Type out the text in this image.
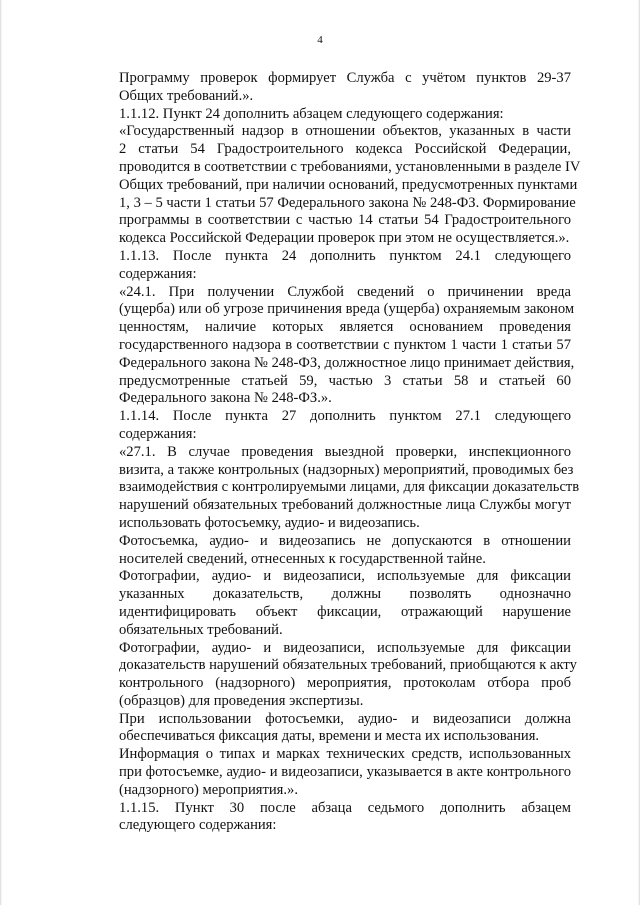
4
Программу проверок формирует Служба с учётом пунктов 29-37
Общих требований.».
1.1.12. Пункт 24 дополнить абзацем следующего содержания:
«Государственный надзор в отношении объектов, указанных в части
2 статьи 54 Градостроительного кодекса Российской Федерации,
проводится в соответствии с требованиями, установленными в разделе IV
Общих требований, при наличии оснований, предусмотренных пунктами
1, 3 – 5 части 1 статьи 57 Федерального закона № 248-ФЗ. Формирование
программы в соответствии с частью 14 статьи 54 Градостроительного
кодекса Российской Федерации проверок при этом не осуществляется.».
1.1.13. После пункта 24 дополнить пунктом 24.1 следующего
содержания:
«24.1. При получении Службой сведений о причинении вреда
(ущерба) или об угрозе причинения вреда (ущерба) охраняемым законом
ценностям, наличие которых является основанием проведения
государственного надзора в соответствии с пунктом 1 части 1 статьи 57
Федерального закона № 248-ФЗ, должностное лицо принимает действия,
предусмотренные статьей 59, частью 3 статьи 58 и статьей 60
Федерального закона № 248-ФЗ.».
1.1.14. После пункта 27 дополнить пунктом 27.1 следующего
содержания:
«27.1. В случае проведения выездной проверки, инспекционного
визита, а также контрольных (надзорных) мероприятий, проводимых без
взаимодействия с контролируемыми лицами, для фиксации доказательств
нарушений обязательных требований должностные лица Службы могут
использовать фотосъемку, аудио- и видеозапись.
Фотосъемка, аудио- и видеозапись не допускаются в отношении
носителей сведений, отнесенных к государственной тайне.
Фотографии, аудио- и видеозаписи, используемые для фиксации
указанных доказательств, должны позволять однозначно
идентифицировать объект фиксации, отражающий нарушение
обязательных требований.
Фотографии, аудио- и видеозаписи, используемые для фиксации
доказательств нарушений обязательных требований, приобщаются к акту
контрольного (надзорного) мероприятия, протоколам отбора проб
(образцов) для проведения экспертизы.
При использовании фотосъемки, аудио- и видеозаписи должна
обеспечиваться фиксация даты, времени и места их использования.
Информация о типах и марках технических средств, использованных
при фотосъемке, аудио- и видеозаписи, указывается в акте контрольного
(надзорного) мероприятия.».
1.1.15. Пункт 30 после абзаца седьмого дополнить абзацем
следующего содержания:
